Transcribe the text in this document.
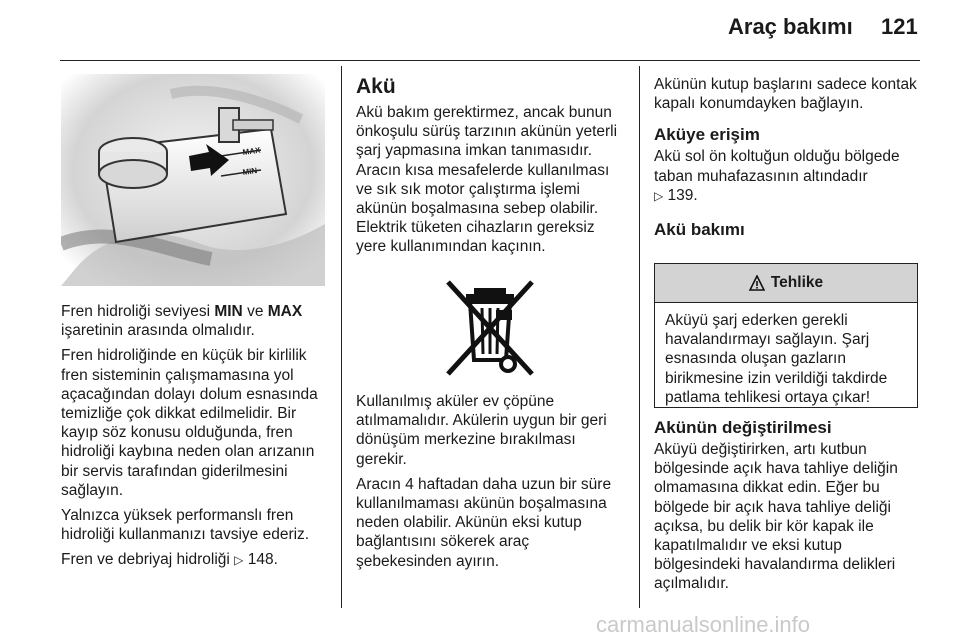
Araç bakımı 121
MAX
MIN

Fren hidroliği seviyesi MIN ve MAX işaretinin arasında olmalıdır.

Fren hidroliğinde en küçük bir kirlilik fren sisteminin çalışmamasına yol açacağından dolayı dolum esnasında temizliğe çok dikkat edilmelidir. Bir kayıp söz konusu olduğunda, fren hidroliği kaybına neden olan arızanın bir servis tarafından giderilmesini sağlayın.

Yalnızca yüksek performanslı fren hidroliği kullanmanızı tavsiye ederiz.

Fren ve debriyaj hidroliği ▷ 148.

Akü

Akü bakım gerektirmez, ancak bunun önkoşulu sürüş tarzının akünün yeterli şarj yapmasına imkan tanımasıdır. Aracın kısa mesafelerde kullanılması ve sık sık motor çalıştırma işlemi akünün boşalmasına sebep olabilir. Elektrik tüketen cihazların gereksiz yere kullanımından kaçının.

Kullanılmış aküler ev çöpüne atılmamalıdır. Akülerin uygun bir geri dönüşüm merkezine bırakılması gerekir.

Aracın 4 haftadan daha uzun bir süre kullanılmaması akünün boşalmasına neden olabilir. Akünün eksi kutup bağlantısını sökerek araç şebekesinden ayırın.

Akünün kutup başlarını sadece kontak kapalı konumdayken bağlayın.

Aküye erişim

Akü sol ön koltuğun olduğu bölgede taban muhafazasının altındadır

▷ 139.

Akü bakımı
Tehlike
Aküyü şarj ederken gerekli havalandırmayı sağlayın. Şarj esnasında oluşan gazların birikmesine izin verildiği takdirde patlama tehlikesi ortaya çıkar!
Akünün değiştirilmesi

Aküyü değiştirirken, artı kutbun bölgesinde açık hava tahliye deliğin olmamasına dikkat edin. Eğer bu bölgede bir açık hava tahliye deliği açıksa, bu delik bir kör kapak ile kapatılmalıdır ve eksi kutup bölgesindeki havalandırma delikleri açılmalıdır.

carmanualsonline.info
